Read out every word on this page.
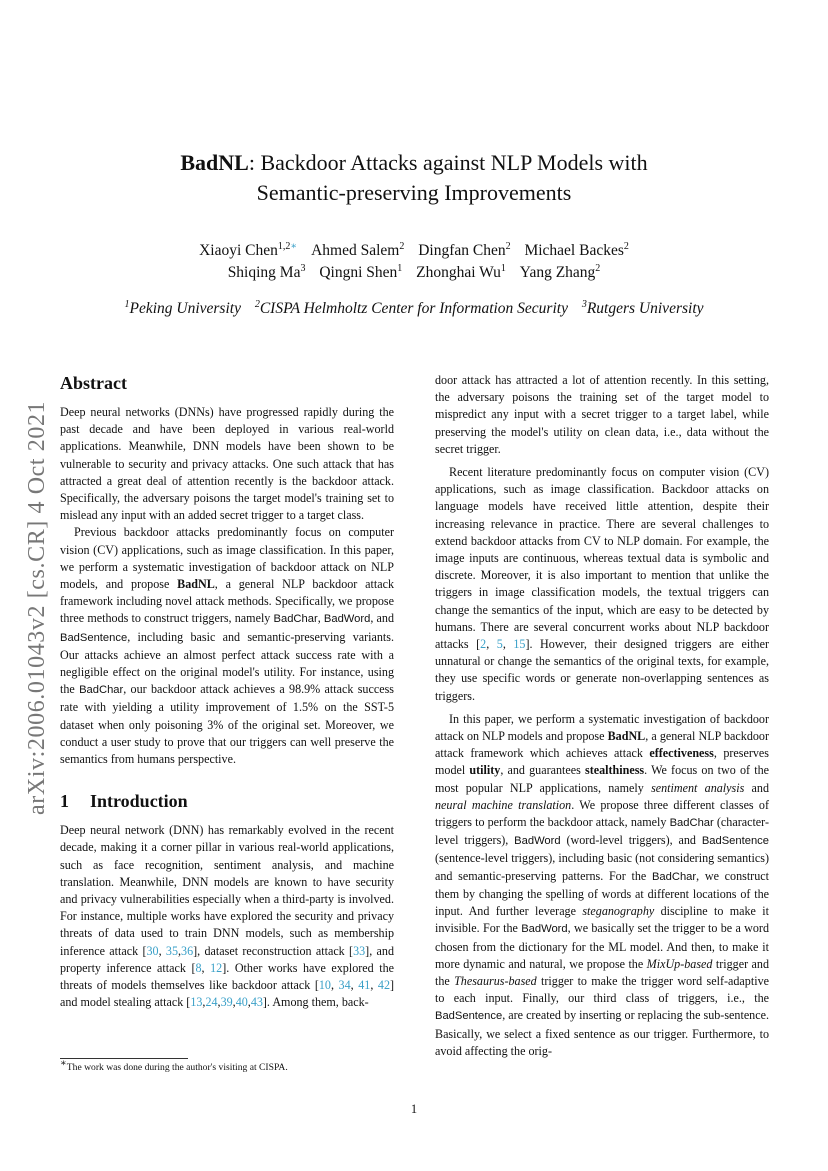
BadNL: Backdoor Attacks against NLP Models with
Semantic-preserving Improvements
Xiaoyi Chen$^{1,2∗}$ Ahmed Salem$^2$ Dingfan Chen$^2$ Michael Backes$^2$
Shiqing Ma$^3$ Qingni Shen$^1$ Zhonghai Wu$^1$ Yang Zhang$^2$
$^1$Peking University $^2$CISPA Helmholtz Center for Information Security $^3$Rutgers University
arXiv:2006.01043v2 [cs.CR] 4 Oct 2021
Abstract

Deep neural networks (DNNs) have progressed rapidly during the past decade and have been deployed in various real-world applications. Meanwhile, DNN models have been shown to be vulnerable to security and privacy attacks. One such attack that has attracted a great deal of attention recently is the backdoor attack. Specifically, the adversary poisons the target model's training set to mislead any input with an added secret trigger to a target class.

Previous backdoor attacks predominantly focus on computer vision (CV) applications, such as image classification. In this paper, we perform a systematic investigation of backdoor attack on NLP models, and propose BadNL, a general NLP backdoor attack framework including novel attack methods. Specifically, we propose three methods to construct triggers, namely BadChar, BadWord, and BadSentence, including basic and semantic-preserving variants. Our attacks achieve an almost perfect attack success rate with a negligible effect on the original model's utility. For instance, using the BadChar, our backdoor attack achieves a 98.9% attack success rate with yielding a utility improvement of 1.5% on the SST-5 dataset when only poisoning 3% of the original set. Moreover, we conduct a user study to prove that our triggers can well preserve the semantics from humans perspective.

1 Introduction

Deep neural network (DNN) has remarkably evolved in the recent decade, making it a corner pillar in various real-world applications, such as face recognition, sentiment analysis, and machine translation. Meanwhile, DNN models are known to have security and privacy vulnerabilities especially when a third-party is involved. For instance, multiple works have explored the security and privacy threats of data used to train DNN models, such as membership inference attack [30, 35,36], dataset reconstruction attack [33], and property inference attack [8, 12]. Other works have explored the threats of models themselves like backdoor attack [10, 34, 41, 42] and model stealing attack [13,24,39,40,43]. Among them, back-

door attack has attracted a lot of attention recently. In this setting, the adversary poisons the training set of the target model to mispredict any input with a secret trigger to a target label, while preserving the model's utility on clean data, i.e., data without the secret trigger.

Recent literature predominantly focus on computer vision (CV) applications, such as image classification. Backdoor attacks on language models have received little attention, despite their increasing relevance in practice. There are several challenges to extend backdoor attacks from CV to NLP domain. For example, the image inputs are continuous, whereas textual data is symbolic and discrete. Moreover, it is also important to mention that unlike the triggers in image classification models, the textual triggers can change the semantics of the input, which are easy to be detected by humans. There are several concurrent works about NLP backdoor attacks [2, 5, 15]. However, their designed triggers are either unnatural or change the semantics of the original texts, for example, they use specific words or generate non-overlapping sentences as triggers.

In this paper, we perform a systematic investigation of backdoor attack on NLP models and propose BadNL, a general NLP backdoor attack framework which achieves attack effectiveness, preserves model utility, and guarantees stealthiness. We focus on two of the most popular NLP applications, namely sentiment analysis and neural machine translation. We propose three different classes of triggers to perform the backdoor attack, namely BadChar (character-level triggers), BadWord (word-level triggers), and BadSentence (sentence-level triggers), including basic (not considering semantics) and semantic-preserving patterns. For the BadChar, we construct them by changing the spelling of words at different locations of the input. And further leverage steganography discipline to make it invisible. For the BadWord, we basically set the trigger to be a word chosen from the dictionary for the ML model. And then, to make it more dynamic and natural, we propose the MixUp-based trigger and the Thesaurus-based trigger to make the trigger word self-adaptive to each input. Finally, our third class of triggers, i.e., the BadSentence, are created by inserting or replacing the sub-sentence. Basically, we select a fixed sentence as our trigger. Furthermore, to avoid affecting the orig-

∗The work was done during the author's visiting at CISPA.
1
